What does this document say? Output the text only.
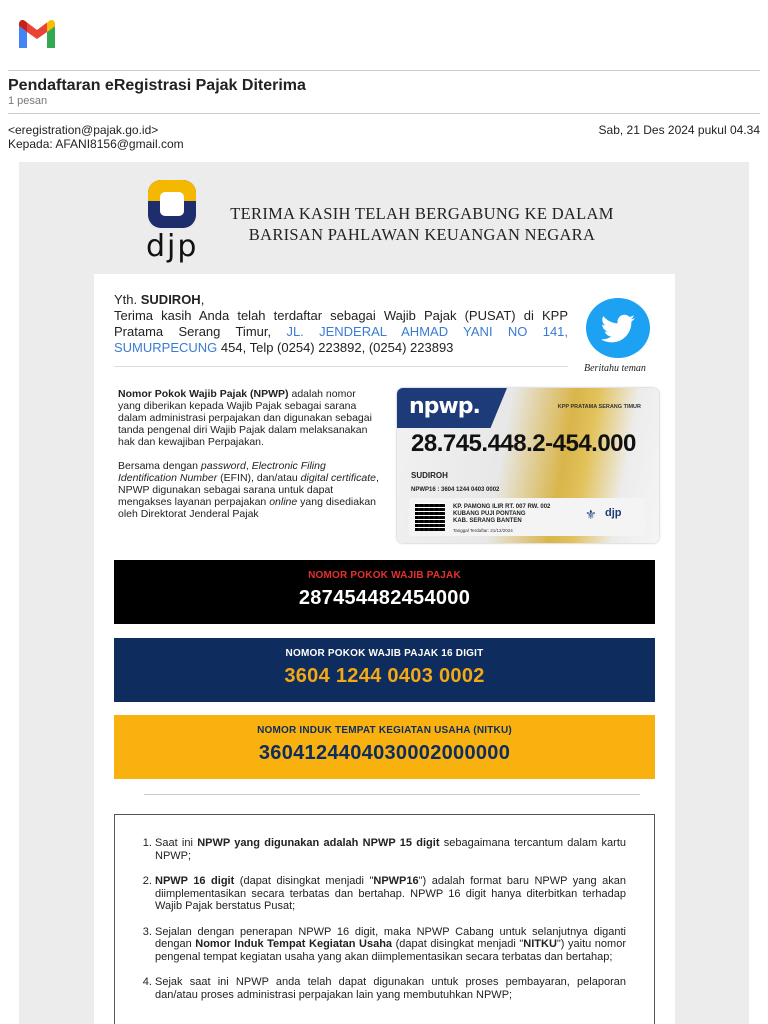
Pendaftaran eRegistrasi Pajak Diterima
1 pesan
<eregistration@pajak.go.id>	Sab, 21 Des 2024 pukul 04.34
Kepada: AFANI8156@gmail.com
djp
TERIMA KASIH TELAH BERGABUNG KE DALAM
BARISAN PAHLAWAN KEUANGAN NEGARA
Yth. SUDIROH,
Terima kasih Anda telah terdaftar sebagai Wajib Pajak (PUSAT) di KPP Pratama Serang Timur, JL. JENDERAL AHMAD YANI NO 141, SUMURPECUNG 454, Telp (0254) 223892, (0254) 223893
Beritahu teman

Nomor Pokok Wajib Pajak (NPWP) adalah nomor yang diberikan kepada Wajib Pajak sebagai sarana dalam administrasi perpajakan dan digunakan sebagai tanda pengenal diri Wajib Pajak dalam melaksanakan hak dan kewajiban Perpajakan.

Bersama dengan password, Electronic Filing Identification Number (EFIN), dan/atau digital certificate, NPWP digunakan sebagai sarana untuk dapat mengakses layanan perpajakan online yang disediakan oleh Direktorat Jenderal Pajak

npwp.	KPP PRATAMA SERANG TIMUR
28.745.448.2-454.000
SUDIROH
NPWP16 : 3604 1244 0403 0002
KP. PAMONG ILIR RT. 007 RW. 002
KUBANG PUJI PONTANG
KAB. SERANG BANTEN
Tanggal Terdaftar: 21/12/2024
⚜ djp
NOMOR POKOK WAJIB PAJAK
287454482454000
NOMOR POKOK WAJIB PAJAK 16 DIGIT
3604 1244 0403 0002
NOMOR INDUK TEMPAT KEGIATAN USAHA (NITKU)
3604124404030002000000
1. Saat ini NPWP yang digunakan adalah NPWP 15 digit sebagaimana tercantum dalam kartu NPWP;
2. NPWP 16 digit (dapat disingkat menjadi "NPWP16") adalah format baru NPWP yang akan diimplementasikan secara terbatas dan bertahap. NPWP 16 digit hanya diterbitkan terhadap Wajib Pajak berstatus Pusat;
3. Sejalan dengan penerapan NPWP 16 digit, maka NPWP Cabang untuk selanjutnya diganti dengan Nomor Induk Tempat Kegiatan Usaha (dapat disingkat menjadi "NITKU") yaitu nomor pengenal tempat kegiatan usaha yang akan diimplementasikan secara terbatas dan bertahap;
4. Sejak saat ini NPWP anda telah dapat digunakan untuk proses pembayaran, pelaporan dan/atau proses administrasi perpajakan lain yang membutuhkan NPWP;
